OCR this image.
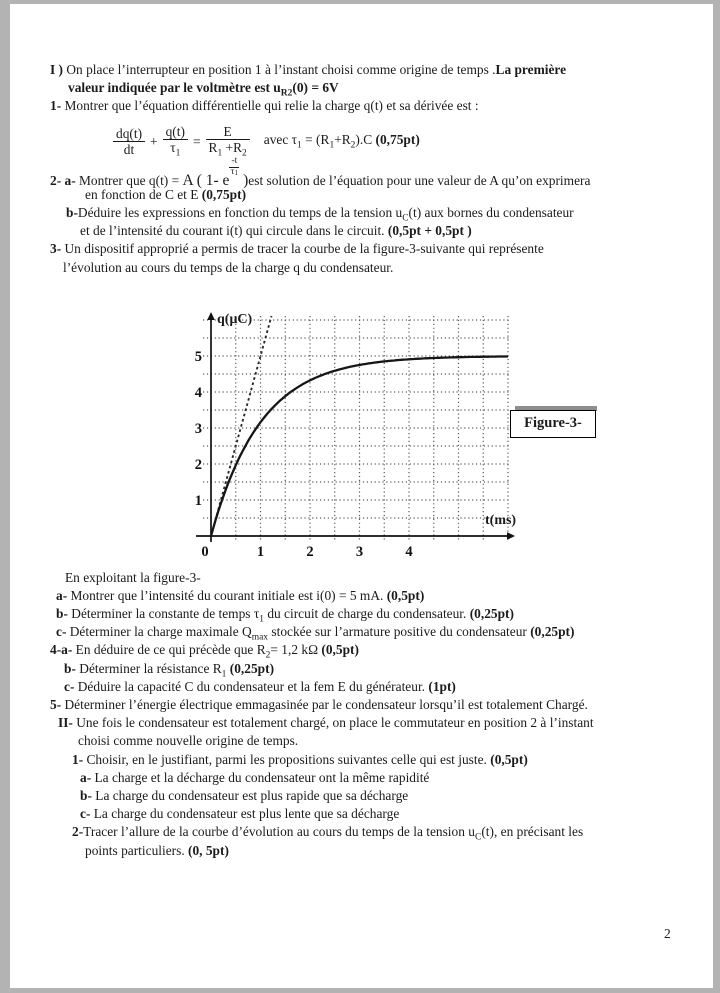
I ) On place l’interrupteur en position 1 à l’instant choisi comme origine de temps .La première
valeur indiquée par le voltmètre est $u_{R2}(0) = 6V$
1- Montrer que l’équation différentielle qui relie la charge q(t) et sa dérivée est :
$\frac{dq(t)}{dt} + \frac{q(t)}{\tau_1} = \frac{E}{R_1 +R_2}$ avec $\tau_1 = (R_1+R_2).C$ (0,75pt)
2- a- Montrer que q(t) = A ( 1- e
$\frac{-t}{\tau 1} )est$ solution de l’équation pour une valeur de A qu’on exprimera
en fonction de C et E (0,75pt)
b-Déduire les expressions en fonction du temps de la tension $u_C(t)$ aux bornes du condensateur
et de l’intensité du courant i(t) qui circule dans le circuit. (0,5pt + 0,5pt )
3- Un dispositif approprié a permis de tracer la courbe de la figure-3-suivante qui représente
l’évolution au cours du temps de la charge q du condensateur.
1
2
3
4
5
0	1	2	3	4
q(μC)
t(ms)
Figure-3-
En exploitant la figure-3-
a- Montrer que l’intensité du courant initiale est i(0) = 5 mA. (0,5pt)
b- Déterminer la constante de temps $\tau_1$ du circuit de charge du condensateur. (0,25pt)
c- Déterminer la charge maximale $Q_{max}$ stockée sur l’armature positive du condensateur (0,25pt)
4-a- En déduire de ce qui précède que $R_2= 1,2$ kΩ (0,5pt)
b- Déterminer la résistance $R_1$ (0,25pt)
c- Déduire la capacité C du condensateur et la fem E du générateur. (1pt)
5- Déterminer l’énergie électrique emmagasinée par le condensateur lorsqu’il est totalement Chargé.
II- Une fois le condensateur est totalement chargé, on place le commutateur en position 2 à l’instant
choisi comme nouvelle origine de temps.
1- Choisir, en le justifiant, parmi les propositions suivantes celle qui est juste. (0,5pt)
a- La charge et la décharge du condensateur ont la même rapidité
b- La charge du condensateur est plus rapide que sa décharge
c- La charge du condensateur est plus lente que sa décharge
2-Tracer l’allure de la courbe d’évolution au cours du temps de la tension $u_C(t)$, en précisant les
points particuliers. (0, 5pt)
2
